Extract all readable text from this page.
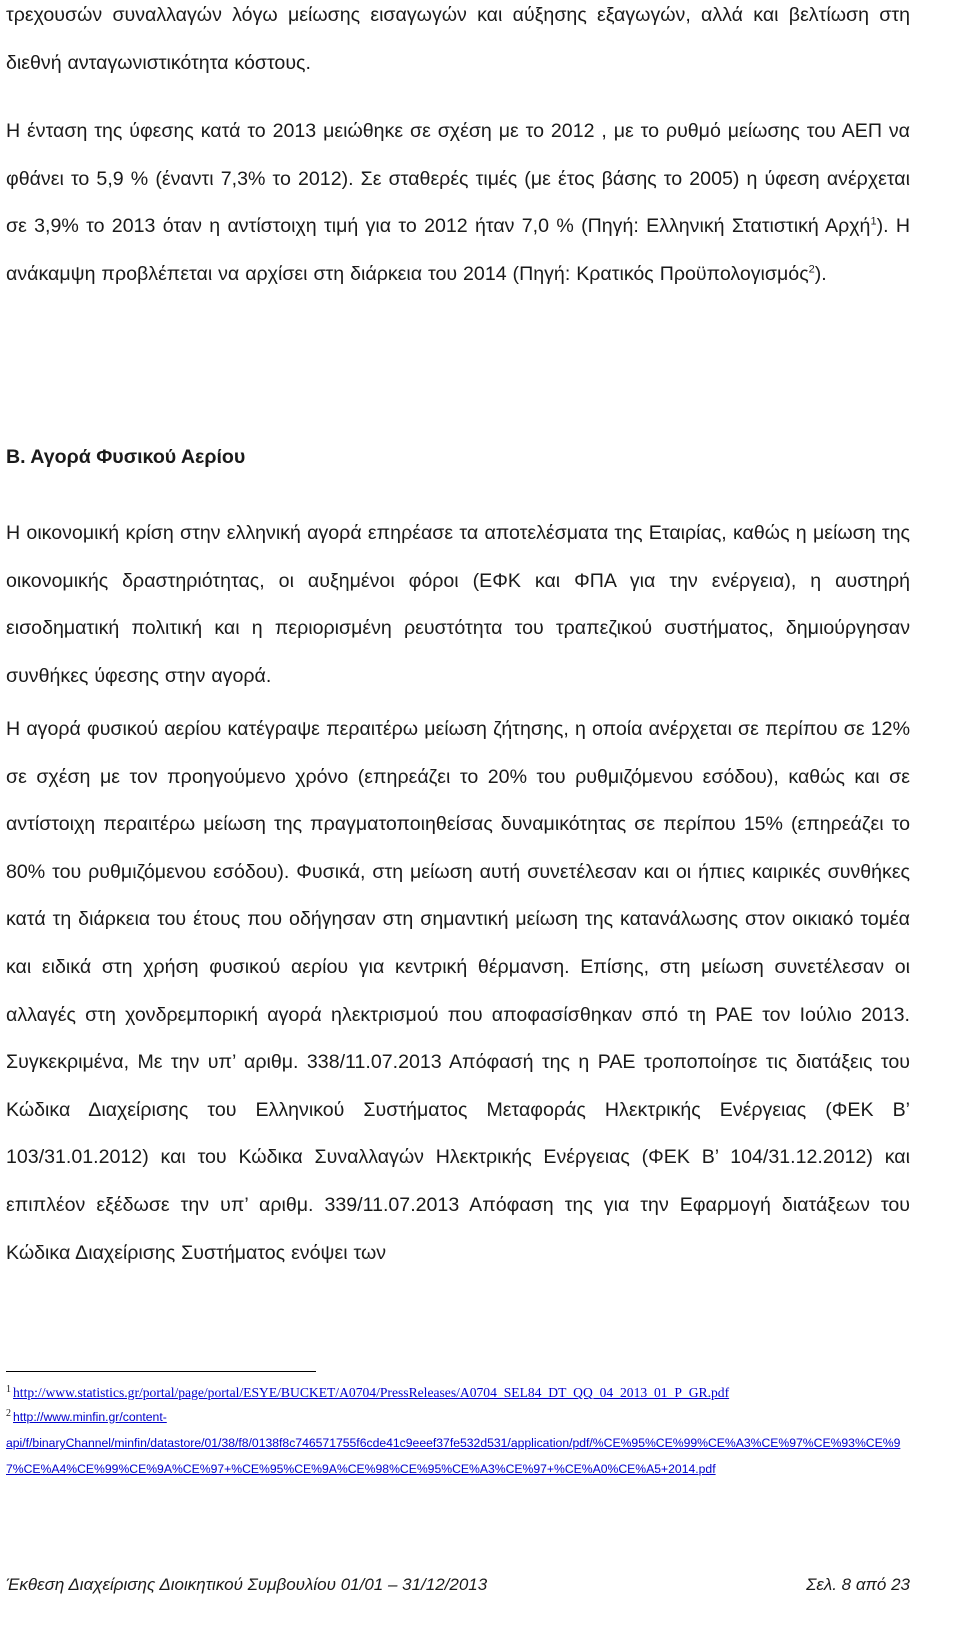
τρεχουσών συναλλαγών λόγω μείωσης εισαγωγών και αύξησης εξαγωγών, αλλά και βελτίωση στη διεθνή ανταγωνιστικότητα κόστους.

Η ένταση της ύφεσης κατά το 2013 μειώθηκε σε σχέση με το 2012 , με το ρυθμό μείωσης του ΑΕΠ να φθάνει το 5,9 % (έναντι 7,3% το 2012). Σε σταθερές τιμές (με έτος βάσης το 2005) η ύφεση ανέρχεται σε 3,9% το 2013 όταν η αντίστοιχη τιμή για το 2012 ήταν 7,0 % (Πηγή: Ελληνική Στατιστική Αρχή$^1$). Η ανάκαμψη προβλέπεται να αρχίσει στη διάρκεια του 2014 (Πηγή: Κρατικός Προϋπολογισμός$^2$).

Β. Αγορά Φυσικού Αερίου

Η οικονομική κρίση στην ελληνική αγορά επηρέασε τα αποτελέσματα της Εταιρίας, καθώς η μείωση της οικονομικής δραστηριότητας, οι αυξημένοι φόροι (ΕΦΚ και ΦΠΑ για την ενέργεια), η αυστηρή εισοδηματική πολιτική και η περιορισμένη ρευστότητα του τραπεζικού συστήματος, δημιούργησαν συνθήκες ύφεσης στην αγορά.

Η αγορά φυσικού αερίου κατέγραψε περαιτέρω μείωση ζήτησης, η οποία ανέρχεται σε περίπου σε 12% σε σχέση με τον προηγούμενο χρόνο (επηρεάζει το 20% του ρυθμιζόμενου εσόδου), καθώς και σε αντίστοιχη περαιτέρω μείωση της πραγματοποιηθείσας δυναμικότητας σε περίπου 15% (επηρεάζει το 80% του ρυθμιζόμενου εσόδου). Φυσικά, στη μείωση αυτή συνετέλεσαν και οι ήπιες καιρικές συνθήκες κατά τη διάρκεια του έτους που οδήγησαν στη σημαντική μείωση της κατανάλωσης στον οικιακό τομέα και ειδικά στη χρήση φυσικού αερίου για κεντρική θέρμανση. Επίσης, στη μείωση συνετέλεσαν οι αλλαγές στη χονδρεμπορική αγορά ηλεκτρισμού που αποφασίσθηκαν σπό τη ΡΑΕ τον Ιούλιο 2013. Συγκεκριμένα, Με την υπ’ αριθμ. 338/11.07.2013 Απόφασή της η ΡΑΕ τροποποίησε τις διατάξεις του Κώδικα Διαχείρισης του Ελληνικού Συστήματος Μεταφοράς Ηλεκτρικής Ενέργειας (ΦΕΚ Β’ 103/31.01.2012) και του Κώδικα Συναλλαγών Ηλεκτρικής Ενέργειας (ΦΕΚ Β’ 104/31.12.2012) και επιπλέον εξέδωσε την υπ’ αριθμ. 339/11.07.2013 Απόφαση της για την Εφαρμογή διατάξεων του Κώδικα Διαχείρισης Συστήματος ενόψει των

$^1$ http://www.statistics.gr/portal/page/portal/ESYE/BUCKET/A0704/PressReleases/A0704_SEL84_DT_QQ_04_2013_01_P_GR.pdf

$^2$ http://www.minfin.gr/content-
api/f/binaryChannel/minfin/datastore/01/38/f8/0138f8c746571755f6cde41c9eeef37fe532d531/application/pdf/%CE%95%CE%99%CE%A3%CE%97%CE%93%CE%97%CE%A4%CE%99%CE%9A%CE%97+%CE%95%CE%9A%CE%98%CE%95%CE%A3%CE%97+%CE%A0%CE%A5+2014.pdf

Έκθεση Διαχείρισης Διοικητικού Συμβουλίου 01/01 – 31/12/2013	Σελ. 8 από 23
